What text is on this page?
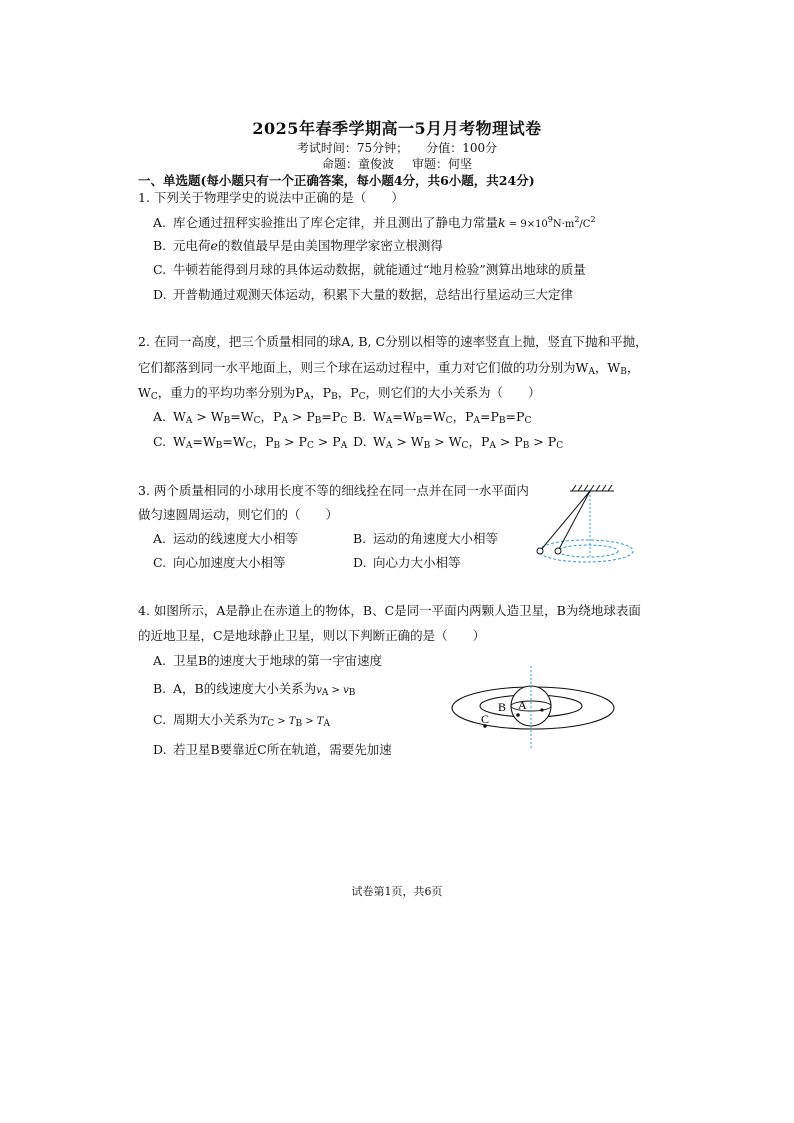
2025年春季学期高一5月月考物理试卷
考试时间：75分钟； 分值：100分
命题：童俊波 审题：何坚
一、单选题(每小题只有一个正确答案，每小题4分，共6小题，共24分)
1. 下列关于物理学史的说法中正确的是（　　）
A. 库仑通过扭秤实验推出了库仑定律，并且测出了静电力常量$k = 9\times 10^9N\cdot m^2/C^2$
B. 元电荷e的数值最早是由美国物理学家密立根测得
C. 牛顿若能得到月球的具体运动数据，就能通过“地月检验”测算出地球的质量
D. 开普勒通过观测天体运动，积累下大量的数据，总结出行星运动三大定律
2. 在同一高度，把三个质量相同的球A, B, C分别以相等的速率竖直上抛，竖直下抛和平抛，
它们都落到同一水平地面上，则三个球在运动过程中，重力对它们做的功分别为$W_A$，$W_B$，
$W_C$，重力的平均功率分别为$P_A$，$P_B$，$P_C$，则它们的大小关系为（　　）
A. $W_A > W_B=W_C$，$P_A > P_B=P_C$ B. $W_A=W_B=W_C$，$P_A=P_B=P_C$
C. $W_A=W_B=W_C$，$P_B > P_C > P_A$ D. $W_A > W_B > W_C$，$P_A > P_B > P_C$
3. 两个质量相同的小球用长度不等的细线拴在同一点并在同一水平面内
做匀速圆周运动，则它们的（　　）
A. 运动的线速度大小相等	B. 运动的角速度大小相等
C. 向心加速度大小相等	D. 向心力大小相等
4. 如图所示，A是静止在赤道上的物体，B、C是同一平面内两颗人造卫星，B为绕地球表面
的近地卫星，C是地球静止卫星，则以下判断正确的是（　　）
A. 卫星B的速度大于地球的第一宇宙速度
B. A，B的线速度大小关系为$v_A > v_B$
C. 周期大小关系为$T_C > T_B > T_A$
D. 若卫星B要靠近C所在轨道，需要先加速
A
B
C
试卷第1页，共6页
